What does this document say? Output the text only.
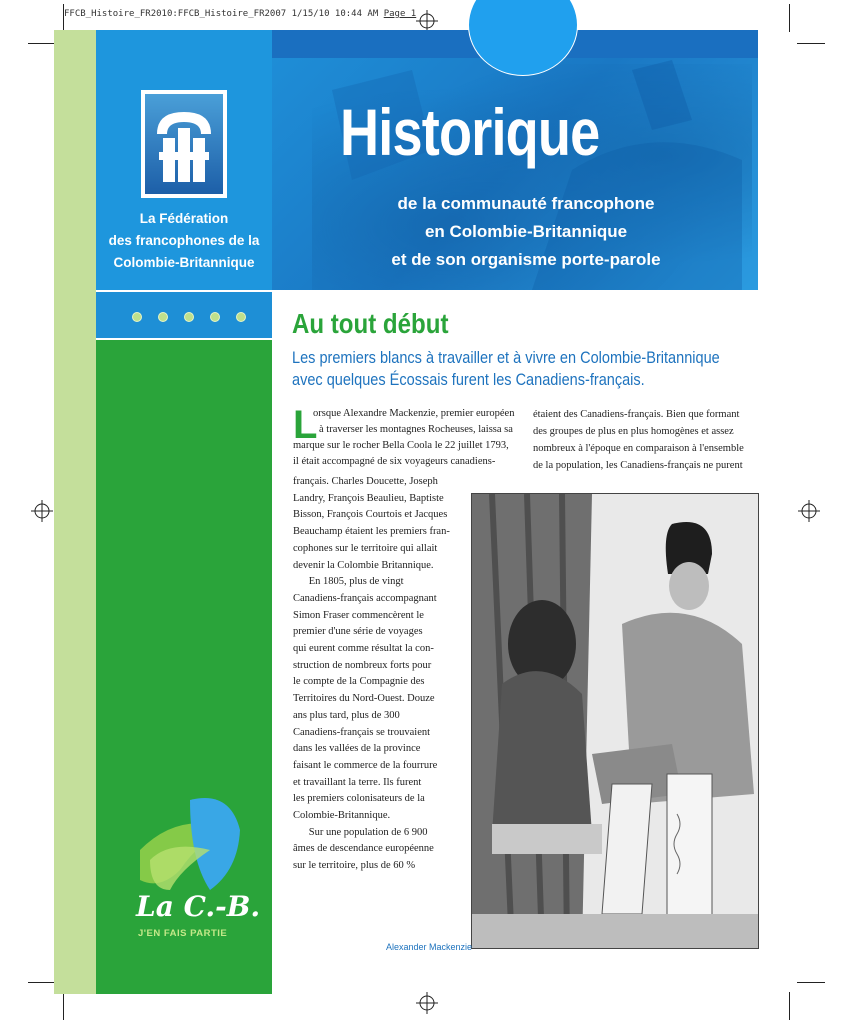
FFCB_Histoire_FR2010:FFCB_Histoire_FR2007 1/15/10 10:44 AM Page 1
La Fédération
des francophones de la
Colombie-Britannique
Historique
de la communauté francophone
en Colombie-Britannique
et de son organisme porte-parole
Au tout début
Les premiers blancs à travailler et à vivre en Colombie-Britannique
avec quelques Écossais furent les Canadiens-français.
L
orsque Alexandre Mackenzie, premier européen
à traverser les montagnes Rocheuses, laissa sa
marque sur le rocher Bella Coola le 22 juillet 1793,
il était accompagné de six voyageurs canadiens-
français. Charles Doucette, Joseph
Landry, François Beaulieu, Baptiste
Bisson, François Courtois et Jacques
Beauchamp étaient les premiers fran-
cophones sur le territoire qui allait
devenir la Colombie Britannique.
En 1805, plus de vingt
Canadiens-français accompagnant
Simon Fraser commencèrent le
premier d'une série de voyages
qui eurent comme résultat la con-
struction de nombreux forts pour
le compte de la Compagnie des
Territoires du Nord-Ouest. Douze
ans plus tard, plus de 300
Canadiens-français se trouvaient
dans les vallées de la province
faisant le commerce de la fourrure
et travaillant la terre. Ils furent
les premiers colonisateurs de la
Colombie-Britannique.
Sur une population de 6 900
âmes de descendance européenne
sur le territoire, plus de 60 %
étaient des Canadiens-français. Bien que formant
des groupes de plus en plus homogènes et assez
nombreux à l'époque en comparaison à l'ensemble
de la population, les Canadiens-français ne purent
Alexander Mackenzie
La C.-B.
J'EN FAIS PARTIE
